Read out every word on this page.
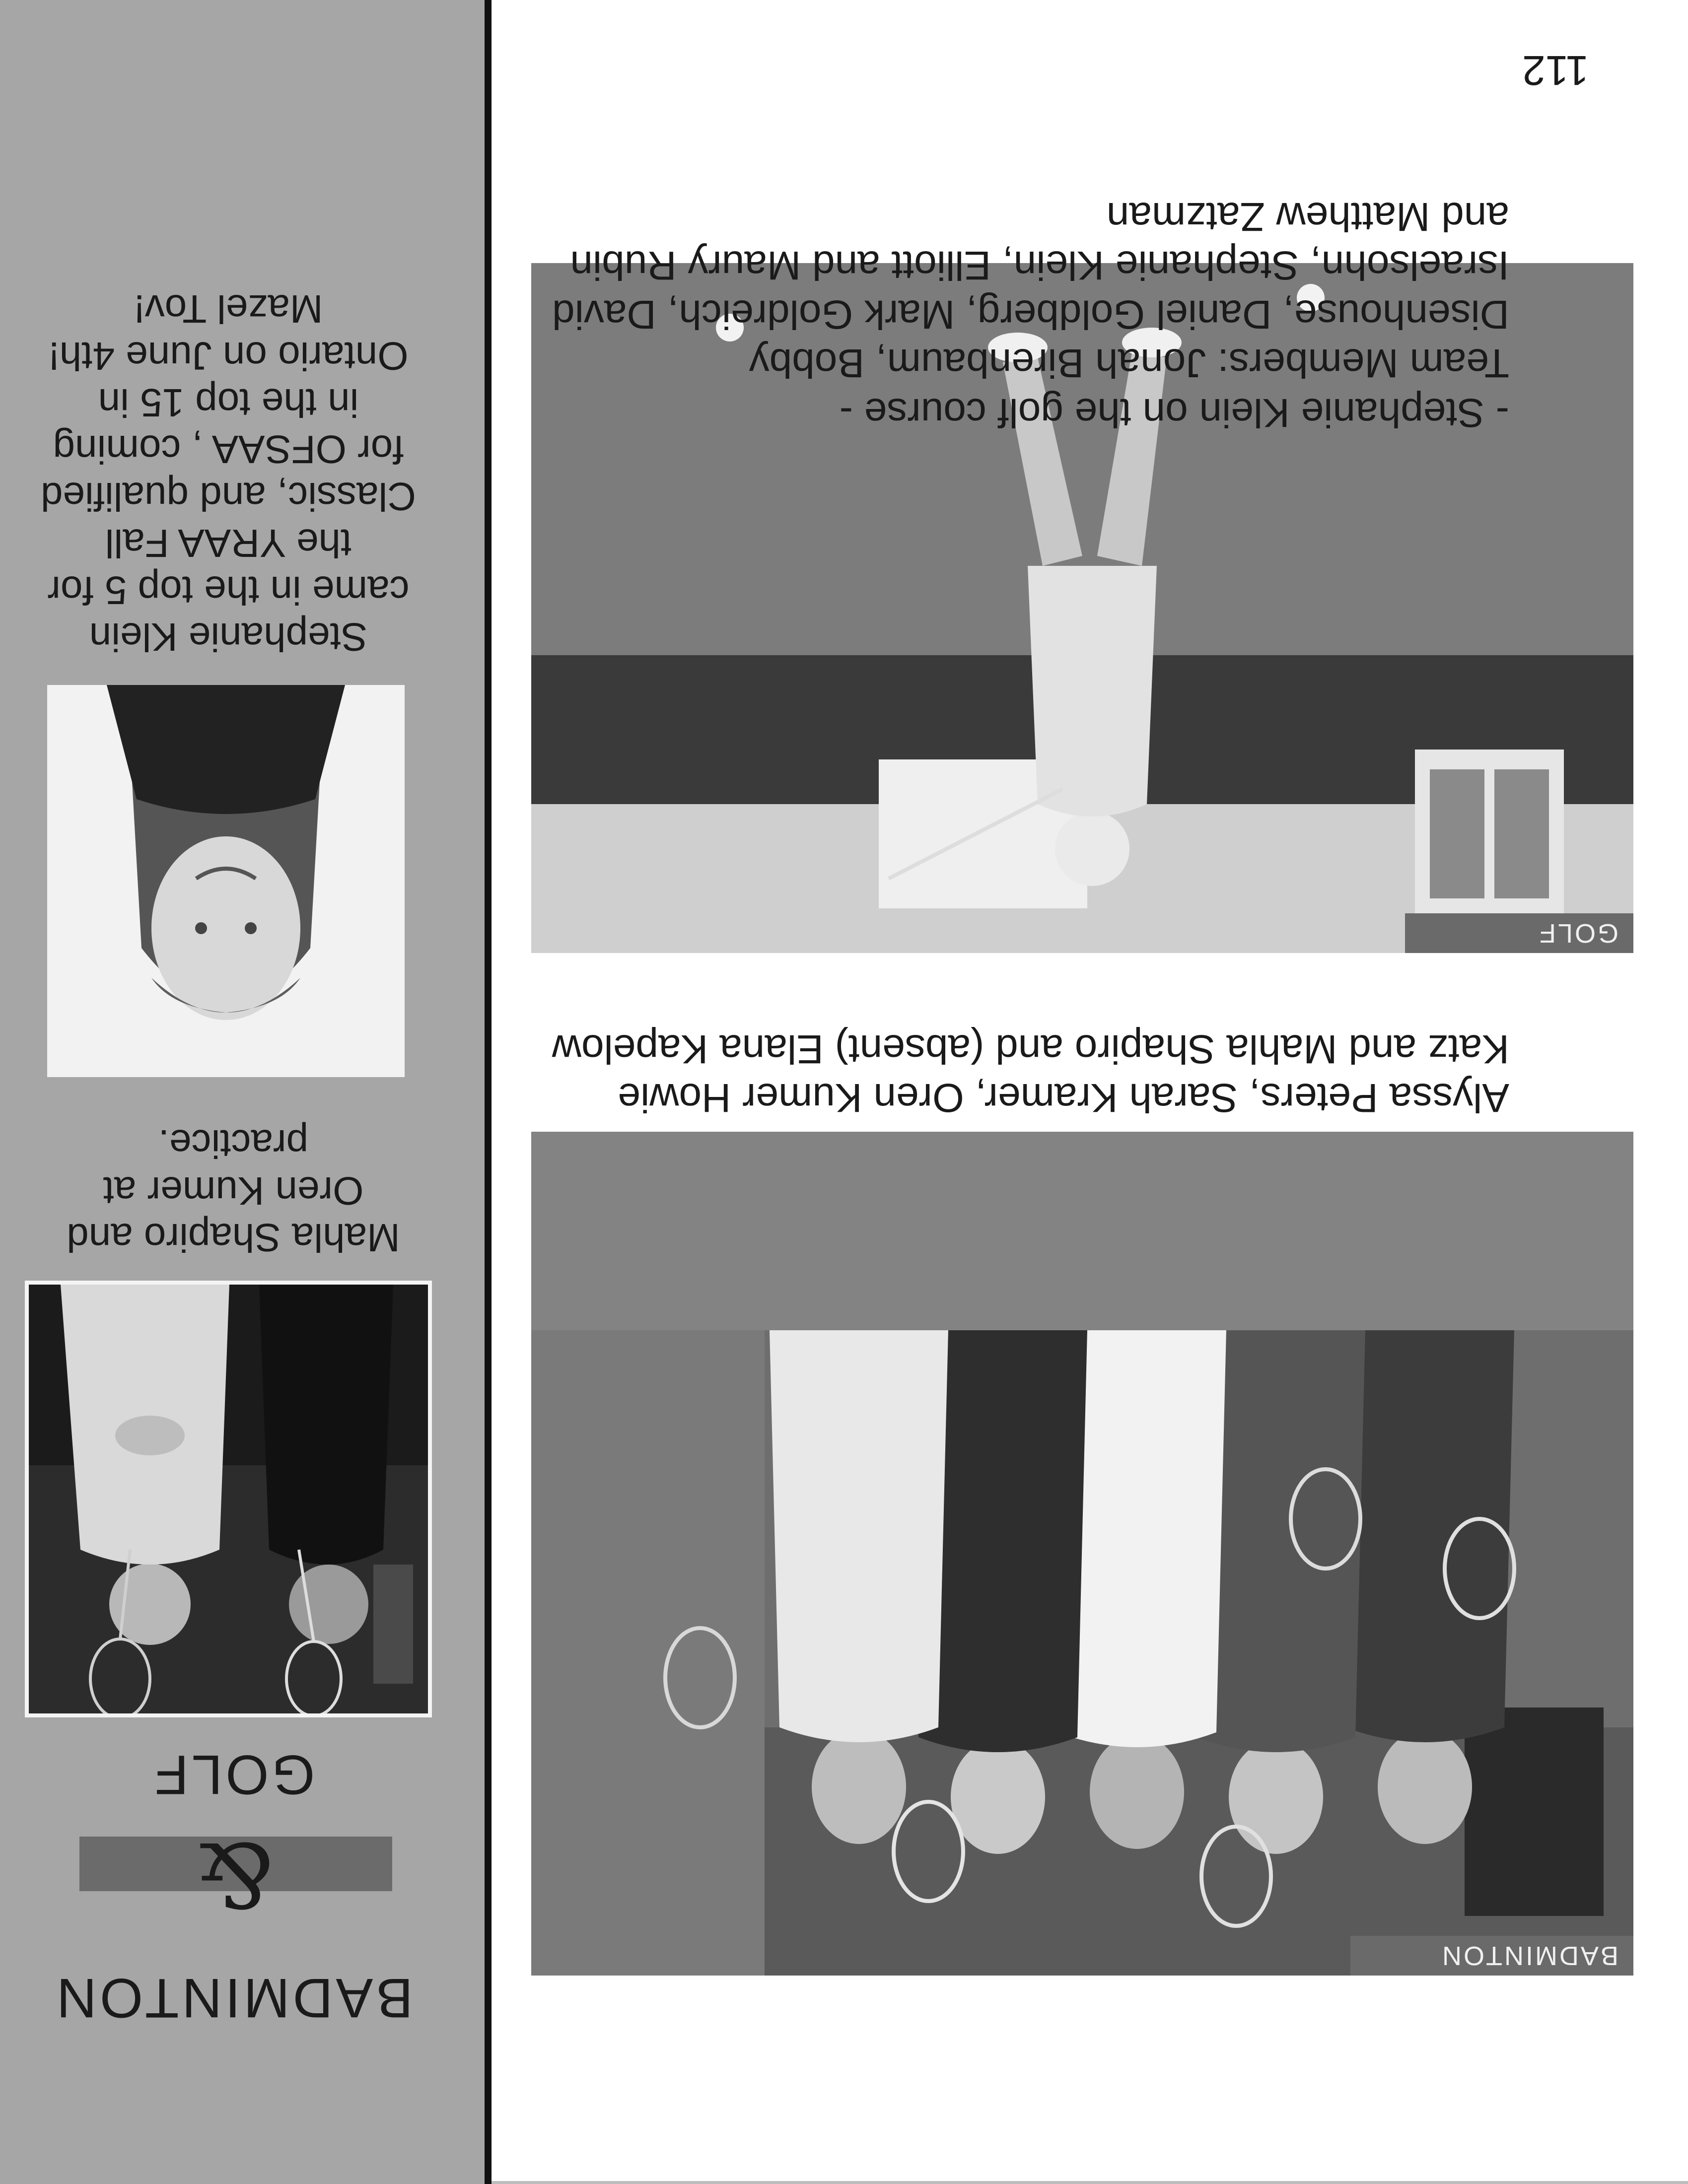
BADMINTON
&
GOLF
Mahla Shapiro and Oren Kumer at practice.
Stephanie Klein came in the top 5 for the YRAA Fall Classic, and qualified for OFSAA , coming in the top 15 in Ontario on June 4th! Mazel Tov!
BADMINTON
Alyssa Peters, Sarah Kramer, Oren Kumer Howie Katz and Mahla Shapiro and (absent) Elana Kapelow
GOLF
- Stephanie Klein on the golf course -
Team Members: Jonah Birenbaum, Bobby Disenhouse, Daniel Goldberg, Mark Goldreich, David Israelsohn, Stephanie Klein, Elliott and Maury Rubin and Matthew Zatzman
112
